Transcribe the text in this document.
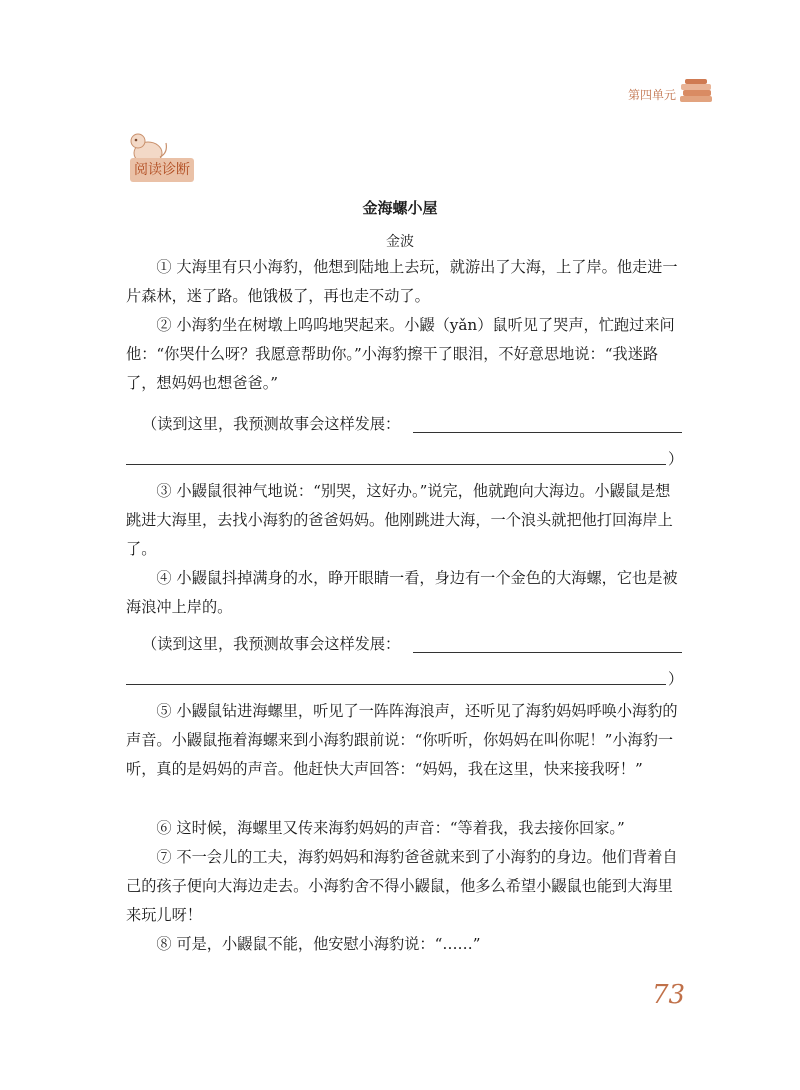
第四单元
阅读诊断
金海螺小屋
金波

① 大海里有只小海豹，他想到陆地上去玩，就游出了大海，上了岸。他走进一片森林，迷了路。他饿极了，再也走不动了。

② 小海豹坐在树墩上呜呜地哭起来。小鼹（yǎn）鼠听见了哭声，忙跑过来问他：“你哭什么呀？我愿意帮助你。”小海豹擦干了眼泪，不好意思地说：“我迷路了，想妈妈也想爸爸。”

（读到这里，我预测故事会这样发展：
）

③ 小鼹鼠很神气地说：“别哭，这好办。”说完，他就跑向大海边。小鼹鼠是想跳进大海里，去找小海豹的爸爸妈妈。他刚跳进大海，一个浪头就把他打回海岸上了。

④ 小鼹鼠抖掉满身的水，睁开眼睛一看，身边有一个金色的大海螺，它也是被海浪冲上岸的。

（读到这里，我预测故事会这样发展：
）

⑤ 小鼹鼠钻进海螺里，听见了一阵阵海浪声，还听见了海豹妈妈呼唤小海豹的声音。小鼹鼠拖着海螺来到小海豹跟前说：“你听听，你妈妈在叫你呢！”小海豹一听，真的是妈妈的声音。他赶快大声回答：“妈妈，我在这里，快来接我呀！”

⑥ 这时候，海螺里又传来海豹妈妈的声音：“等着我，我去接你回家。”

⑦ 不一会儿的工夫，海豹妈妈和海豹爸爸就来到了小海豹的身边。他们背着自己的孩子便向大海边走去。小海豹舍不得小鼹鼠，他多么希望小鼹鼠也能到大海里来玩儿呀！

⑧ 可是，小鼹鼠不能，他安慰小海豹说：“……”

73
